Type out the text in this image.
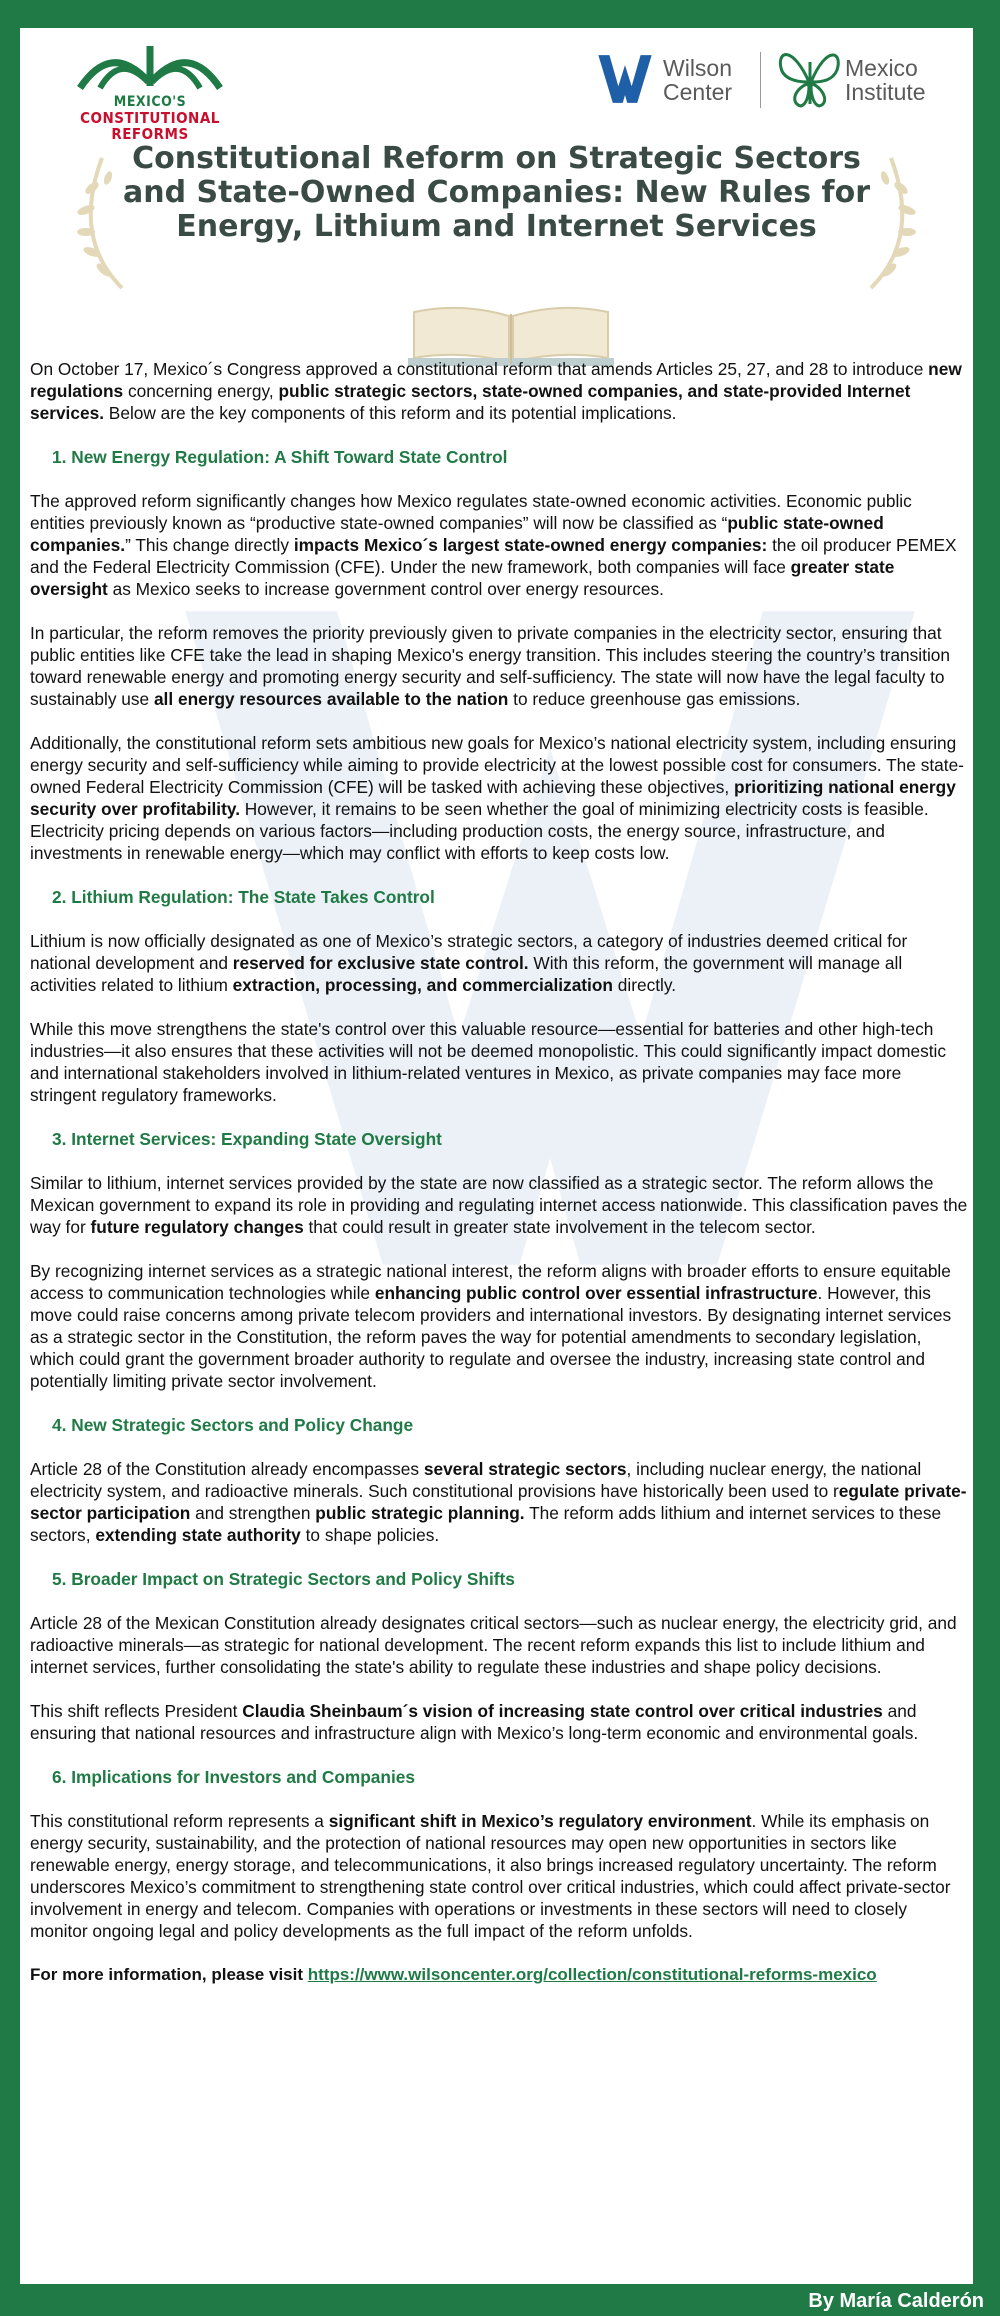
MEXICO'S
CONSTITUTIONAL REFORMS
Wilson
Center
Mexico
Institute
Constitutional Reform on Strategic Sectors and State-Owned Companies: New Rules for Energy, Lithium and Internet Services

On October 17, Mexico´s Congress approved a constitutional reform that amends Articles 25, 27, and 28 to introduce new regulations concerning energy, public strategic sectors, state-owned companies, and state-provided Internet services. Below are the key components of this reform and its potential implications.

1. New Energy Regulation: A Shift Toward State Control

The approved reform significantly changes how Mexico regulates state-owned economic activities. Economic public entities previously known as “productive state-owned companies” will now be classified as “public state-owned companies.” This change directly impacts Mexico´s largest state-owned energy companies: the oil producer PEMEX and the Federal Electricity Commission (CFE). Under the new framework, both companies will face greater state oversight as Mexico seeks to increase government control over energy resources.

In particular, the reform removes the priority previously given to private companies in the electricity sector, ensuring that public entities like CFE take the lead in shaping Mexico's energy transition. This includes steering the country’s transition toward renewable energy and promoting energy security and self-sufficiency. The state will now have the legal faculty to sustainably use all energy resources available to the nation to reduce greenhouse gas emissions.

Additionally, the constitutional reform sets ambitious new goals for Mexico’s national electricity system, including ensuring energy security and self-sufficiency while aiming to provide electricity at the lowest possible cost for consumers. The state-owned Federal Electricity Commission (CFE) will be tasked with achieving these objectives, prioritizing national energy security over profitability. However, it remains to be seen whether the goal of minimizing electricity costs is feasible. Electricity pricing depends on various factors—including production costs, the energy source, infrastructure, and investments in renewable energy—which may conflict with efforts to keep costs low.

2. Lithium Regulation: The State Takes Control

Lithium is now officially designated as one of Mexico’s strategic sectors, a category of industries deemed critical for national development and reserved for exclusive state control. With this reform, the government will manage all activities related to lithium extraction, processing, and commercialization directly.

While this move strengthens the state's control over this valuable resource—essential for batteries and other high-tech industries—it also ensures that these activities will not be deemed monopolistic. This could significantly impact domestic and international stakeholders involved in lithium-related ventures in Mexico, as private companies may face more stringent regulatory frameworks.

3. Internet Services: Expanding State Oversight

Similar to lithium, internet services provided by the state are now classified as a strategic sector. The reform allows the Mexican government to expand its role in providing and regulating internet access nationwide. This classification paves the way for future regulatory changes that could result in greater state involvement in the telecom sector.

By recognizing internet services as a strategic national interest, the reform aligns with broader efforts to ensure equitable access to communication technologies while enhancing public control over essential infrastructure. However, this move could raise concerns among private telecom providers and international investors. By designating internet services as a strategic sector in the Constitution, the reform paves the way for potential amendments to secondary legislation, which could grant the government broader authority to regulate and oversee the industry, increasing state control and potentially limiting private sector involvement.

4. New Strategic Sectors and Policy Change

Article 28 of the Constitution already encompasses several strategic sectors, including nuclear energy, the national electricity system, and radioactive minerals. Such constitutional provisions have historically been used to regulate private-sector participation and strengthen public strategic planning. The reform adds lithium and internet services to these sectors, extending state authority to shape policies.

5. Broader Impact on Strategic Sectors and Policy Shifts

Article 28 of the Mexican Constitution already designates critical sectors—such as nuclear energy, the electricity grid, and radioactive minerals—as strategic for national development. The recent reform expands this list to include lithium and internet services, further consolidating the state's ability to regulate these industries and shape policy decisions.

This shift reflects President Claudia Sheinbaum´s vision of increasing state control over critical industries and ensuring that national resources and infrastructure align with Mexico’s long-term economic and environmental goals.

6. Implications for Investors and Companies

This constitutional reform represents a significant shift in Mexico’s regulatory environment. While its emphasis on energy security, sustainability, and the protection of national resources may open new opportunities in sectors like renewable energy, energy storage, and telecommunications, it also brings increased regulatory uncertainty. The reform underscores Mexico’s commitment to strengthening state control over critical industries, which could affect private-sector involvement in energy and telecom. Companies with operations or investments in these sectors will need to closely monitor ongoing legal and policy developments as the full impact of the reform unfolds.

For more information, please visit https://www.wilsoncenter.org/collection/constitutional-reforms-mexico

By María Calderón
